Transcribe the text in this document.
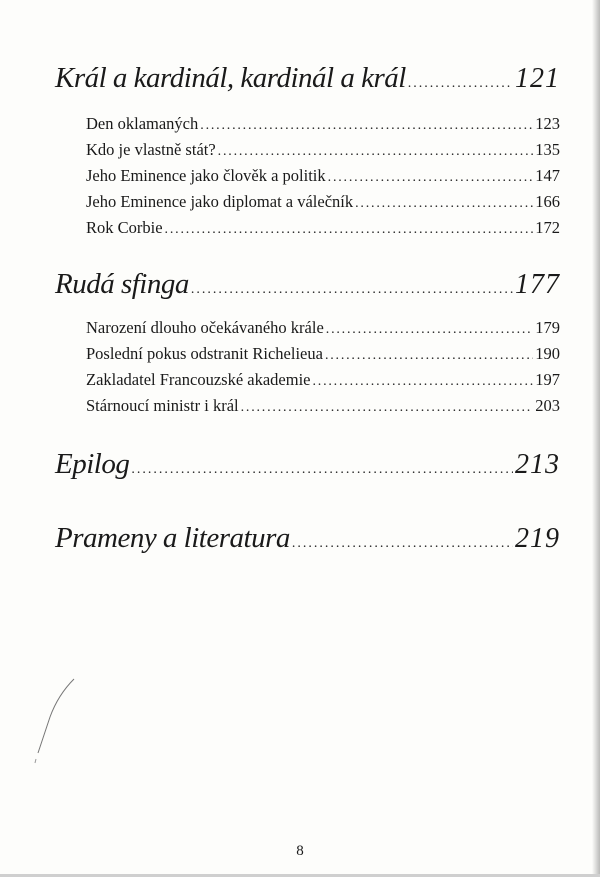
Král a kardinál, kardinál a král .....	121
Den oklamaných .....	123
Kdo je vlastně stát? .....	135
Jeho Eminence jako člověk a politik .....	147
Jeho Eminence jako diplomat a válečník .....	166
Rok Corbie .....	172
Rudá sfinga .....	177
Narození dlouho očekávaného krále .....	179
Poslední pokus odstranit Richelieua .....	190
Zakladatel Francouzské akademie .....	197
Stárnoucí ministr i král .....	203
Epilog .....	213
Prameny a literatura .....	219
8
